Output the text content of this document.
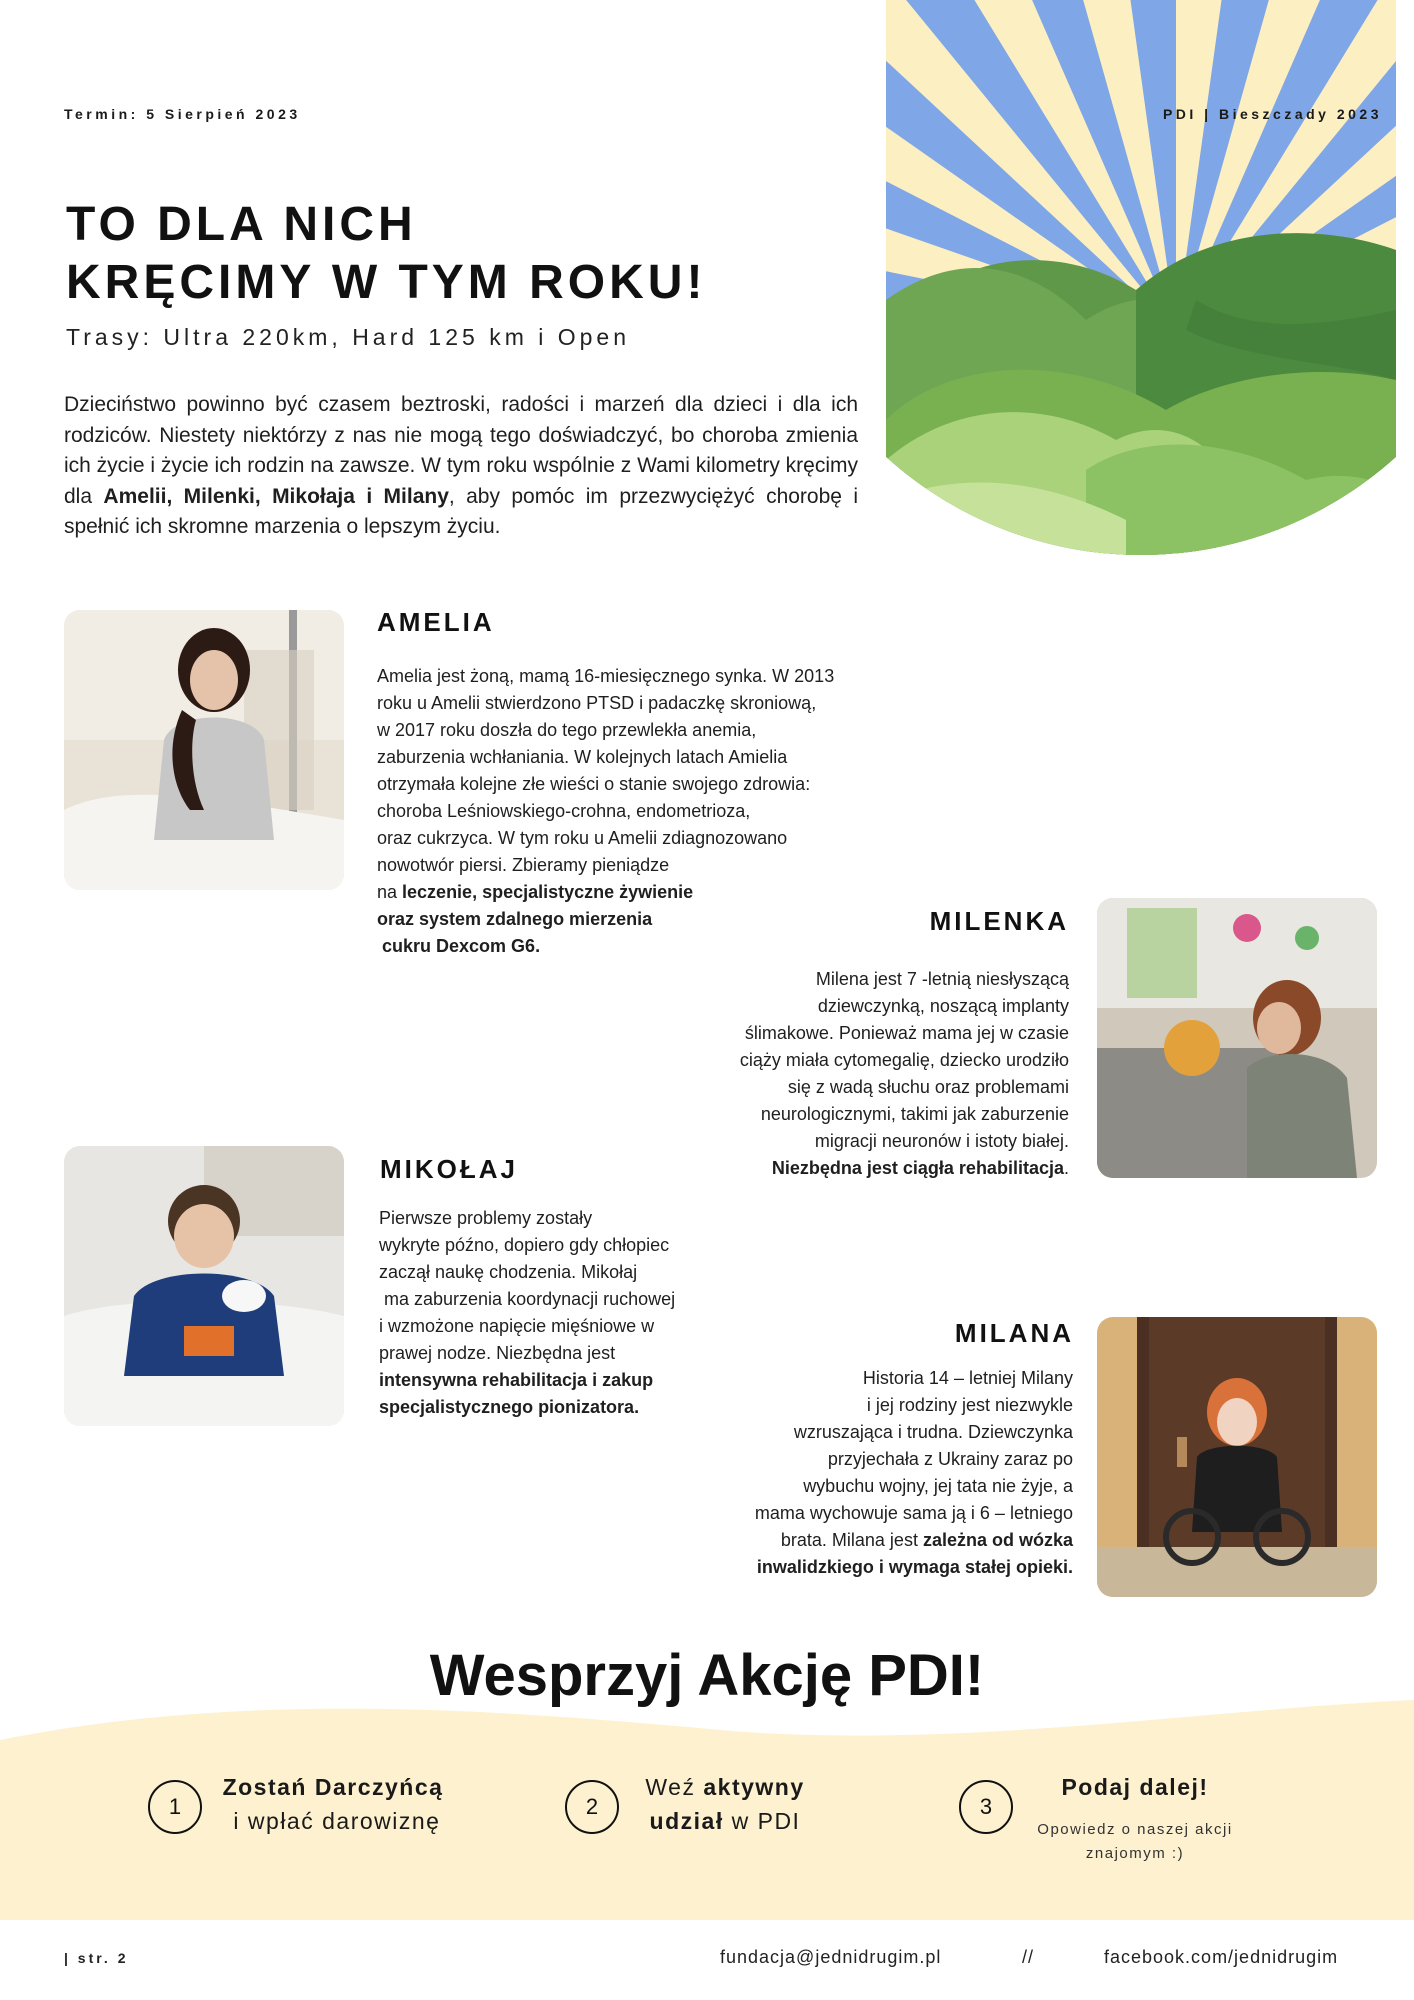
Termin: 5 Sierpień 2023	PDI | Bieszczady 2023
TO DLA NICH
KRĘCIMY W TYM ROKU!
Trasy: Ultra 220km, Hard 125 km i Open
Dzieciństwo powinno być czasem beztroski, radości i marzeń dla dzieci i dla ich rodziców. Niestety niektórzy z nas nie mogą tego doświadczyć, bo choroba zmienia ich życie i życie ich rodzin na zawsze. W tym roku wspólnie z Wami kilometry kręcimy dla Amelii, Milenki, Mikołaja i Milany, aby pomóc im przezwyciężyć chorobę i spełnić ich skromne marzenia o lepszym życiu.
AMELIA
Amelia jest żoną, mamą 16-miesięcznego synka. W 2013
roku u Amelii stwierdzono PTSD i padaczkę skroniową,
w 2017 roku doszła do tego przewlekła anemia,
zaburzenia wchłaniania. W kolejnych latach Amielia
otrzymała kolejne złe wieści o stanie swojego zdrowia:
choroba Leśniowskiego-crohna, endometrioza,
oraz cukrzyca. W tym roku u Amelii zdiagnozowano
nowotwór piersi. Zbieramy pieniądze
na leczenie, specjalistyczne żywienie
oraz system zdalnego mierzenia
cukru Dexcom G6.
MILENKA
Milena jest 7 -letnią niesłyszącą
dziewczynką, noszącą implanty
ślimakowe. Ponieważ mama jej w czasie
ciąży miała cytomegalię, dziecko urodziło
się z wadą słuchu oraz problemami
neurologicznymi, takimi jak zaburzenie
migracji neuronów i istoty białej.
Niezbędna jest ciągła rehabilitacja.
MIKOŁAJ
Pierwsze problemy zostały
wykryte późno, dopiero gdy chłopiec
zaczął naukę chodzenia. Mikołaj
ma zaburzenia koordynacji ruchowej
i wzmożone napięcie mięśniowe w
prawej nodze. Niezbędna jest
intensywna rehabilitacja i zakup
specjalistycznego pionizatora.
MILANA
Historia 14 – letniej Milany
i jej rodziny jest niezwykle
wzruszająca i trudna. Dziewczynka
przyjechała z Ukrainy zaraz po
wybuchu wojny, jej tata nie żyje, a
mama wychowuje sama ją i 6 – letniego
brata. Milana jest zależna od wózka
inwalidzkiego i wymaga stałej opieki.
Wesprzyj Akcję PDI!
1
Zostań Darczyńcą
i wpłać darowiznę
2
Weź aktywny
udział w PDI
3
Podaj dalej!
Opowiedz o naszej akcji
znajomym :)
| str. 2	fundacja@jednidrugim.pl	//	facebook.com/jednidrugim
